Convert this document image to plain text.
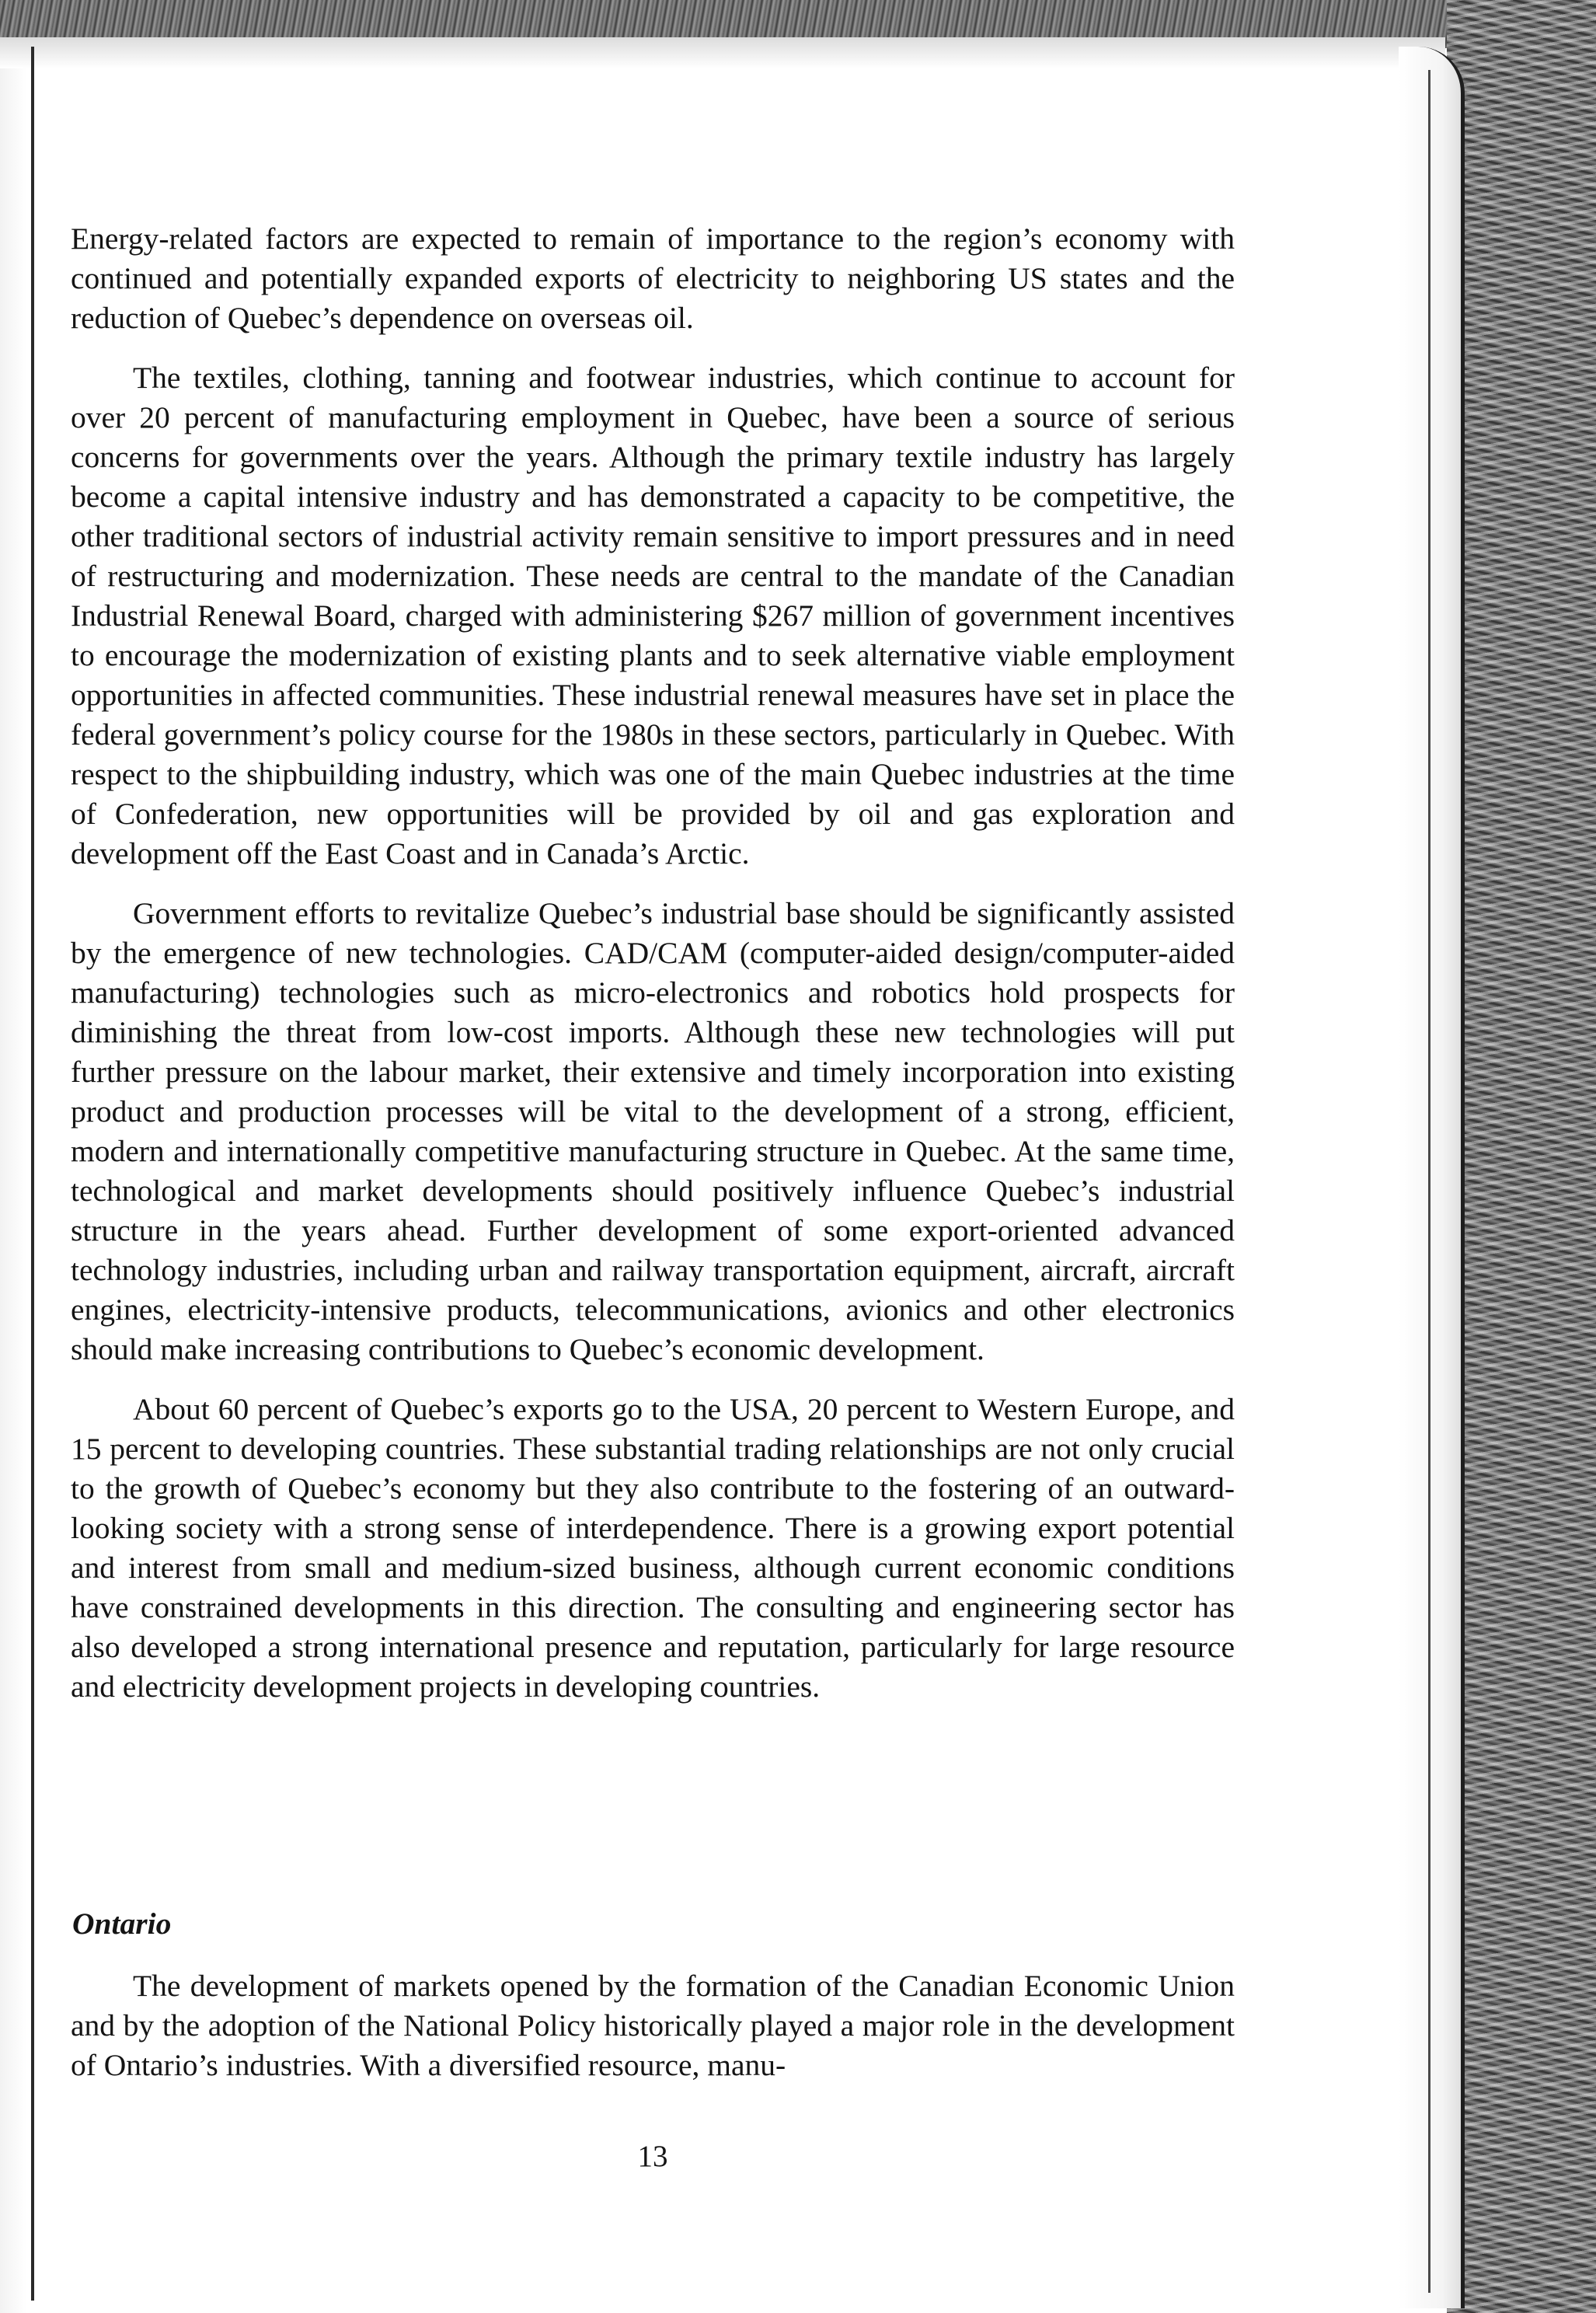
Energy-related factors are expected to remain of importance to the region’s economy with continued and potentially expanded exports of electricity to neighboring US states and the reduction of Quebec’s dependence on overseas oil.

The textiles, clothing, tanning and footwear industries, which continue to account for over 20 percent of manufacturing employment in Quebec, have been a source of serious concerns for governments over the years. Although the primary textile industry has largely become a capital intensive industry and has demonstrated a capacity to be competitive, the other traditional sectors of industrial activity remain sensitive to import pressures and in need of restructuring and modernization. These needs are central to the mandate of the Canadian Industrial Renewal Board, charged with administering $267 million of government incentives to encourage the modernization of existing plants and to seek alternative viable employment opportunities in affected communities. These industrial renewal measures have set in place the federal government’s policy course for the 1980s in these sectors, particularly in Quebec. With respect to the shipbuilding industry, which was one of the main Quebec industries at the time of Confederation, new opportunities will be provided by oil and gas exploration and development off the East Coast and in Canada’s Arctic.

Government efforts to revitalize Quebec’s industrial base should be significantly assisted by the emergence of new technologies. CAD/CAM (computer-aided design/computer-aided manufacturing) technologies such as micro-electronics and robotics hold prospects for diminishing the threat from low-cost imports. Although these new technologies will put further pressure on the labour market, their extensive and timely incorporation into existing product and production processes will be vital to the development of a strong, efficient, modern and internationally competitive manufacturing structure in Quebec. At the same time, technological and market developments should positively influence Quebec’s industrial structure in the years ahead. Further development of some export-oriented advanced technology industries, including urban and railway transportation equipment, aircraft, aircraft engines, electricity-intensive products, telecommunications, avionics and other electronics should make increasing contributions to Quebec’s economic development.

About 60 percent of Quebec’s exports go to the USA, 20 percent to Western Europe, and 15 percent to developing countries. These substantial trading relationships are not only crucial to the growth of Quebec’s economy but they also contribute to the fostering of an outward-looking society with a strong sense of interdependence. There is a growing export potential and interest from small and medium-sized business, although current economic conditions have constrained developments in this direction. The consulting and engineering sector has also developed a strong international presence and reputation, particularly for large resource and electricity development projects in developing countries.

Ontario

The development of markets opened by the formation of the Canadian Economic Union and by the adoption of the National Policy historically played a major role in the development of Ontario’s industries. With a diversified resource, manu-

13
